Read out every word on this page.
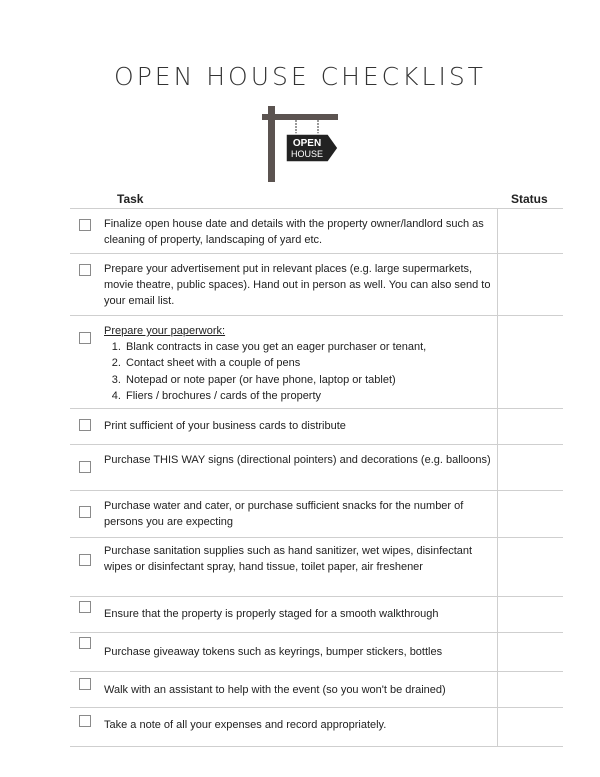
OPEN HOUSE CHECKLIST
OPEN
HOUSE
Task	Status
Finalize open house date and details with the property owner/landlord such as cleaning of property, landscaping of yard etc.
Prepare your advertisement put in relevant places (e.g. large supermarkets, movie theatre, public spaces). Hand out in person as well. You can also send to your email list.
Prepare your paperwork:
1. Blank contracts in case you get an eager purchaser or tenant,
2. Contact sheet with a couple of pens
3. Notepad or note paper (or have phone, laptop or tablet)
4. Fliers / brochures / cards of the property
Print sufficient of your business cards to distribute
Purchase THIS WAY signs (directional pointers) and decorations (e.g. balloons)
Purchase water and cater, or purchase sufficient snacks for the number of persons you are expecting
Purchase sanitation supplies such as hand sanitizer, wet wipes, disinfectant wipes or disinfectant spray, hand tissue, toilet paper, air freshener
Ensure that the property is properly staged for a smooth walkthrough
Purchase giveaway tokens such as keyrings, bumper stickers, bottles
Walk with an assistant to help with the event (so you won't be drained)
Take a note of all your expenses and record appropriately.
